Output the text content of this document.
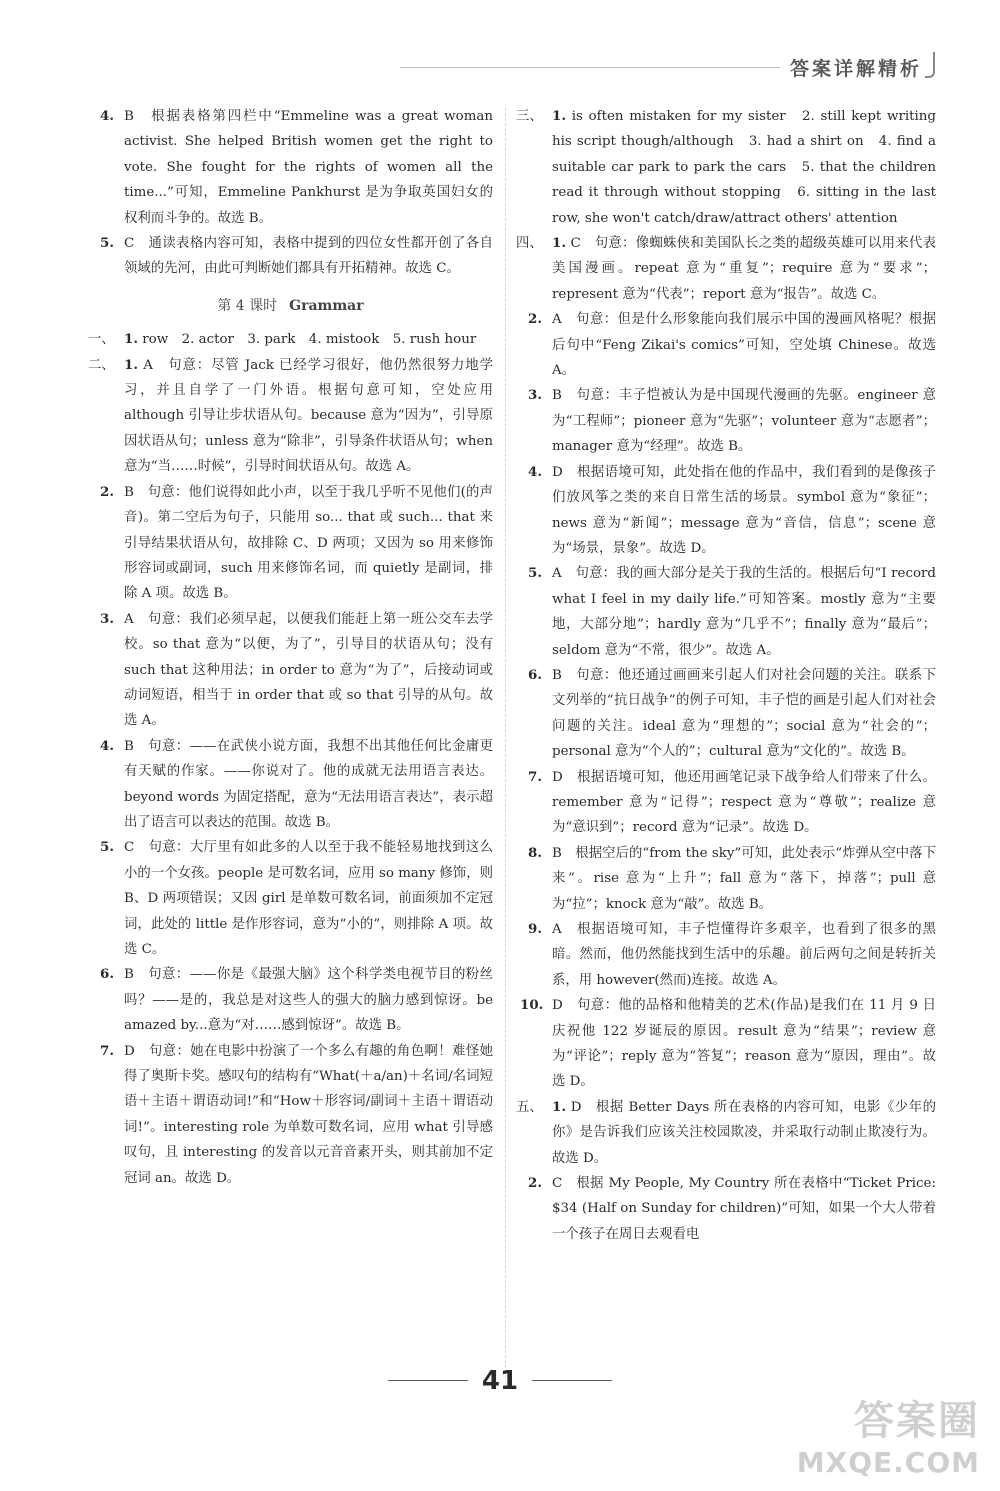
答案详解精析

4. B　根据表格第四栏中“Emmeline was a great woman activist. She helped British women get the right to vote. She fought for the rights of women all the time...”可知，Emmeline Pankhurst 是为争取英国妇女的权利而斗争的。故选 B。

5. C　通读表格内容可知，表格中提到的四位女性都开创了各自领域的先河，由此可判断她们都具有开拓精神。故选 C。

第 4 课时 Grammar

一、 1. row　2. actor　3. park　4. mistook　5. rush hour

二、 1. A　句意：尽管 Jack 已经学习很好，他仍然很努力地学习，并且自学了一门外语。根据句意可知，空处应用 although 引导让步状语从句。because 意为“因为”，引导原因状语从句；unless 意为“除非”，引导条件状语从句；when 意为“当……时候”，引导时间状语从句。故选 A。

2. B　句意：他们说得如此小声，以至于我几乎听不见他们(的声音)。第二空后为句子，只能用 so... that 或 such... that 来引导结果状语从句，故排除 C、D 两项；又因为 so 用来修饰形容词或副词，such 用来修饰名词，而 quietly 是副词，排除 A 项。故选 B。

3. A　句意：我们必须早起，以便我们能赶上第一班公交车去学校。so that 意为“以便，为了”，引导目的状语从句；没有 such that 这种用法；in order to 意为“为了”，后接动词或动词短语，相当于 in order that 或 so that 引导的从句。故选 A。

4. B　句意：——在武侠小说方面，我想不出其他任何比金庸更有天赋的作家。——你说对了。他的成就无法用语言表达。beyond words 为固定搭配，意为“无法用语言表达”，表示超出了语言可以表达的范围。故选 B。

5. C　句意：大厅里有如此多的人以至于我不能轻易地找到这么小的一个女孩。people 是可数名词，应用 so many 修饰，则 B、D 两项错误；又因 girl 是单数可数名词，前面须加不定冠词，此处的 little 是作形容词，意为“小的”，则排除 A 项。故选 C。

6. B　句意：——你是《最强大脑》这个科学类电视节目的粉丝吗？——是的，我总是对这些人的强大的脑力感到惊讶。be amazed by...意为“对……感到惊讶”。故选 B。

7. D　句意：她在电影中扮演了一个多么有趣的角色啊！难怪她得了奥斯卡奖。感叹句的结构有“What(＋a/an)＋名词/名词短语＋主语＋谓语动词!”和“How＋形容词/副词＋主语＋谓语动词!”。interesting role 为单数可数名词，应用 what 引导感叹句，且 interesting 的发音以元音音素开头，则其前加不定冠词 an。故选 D。

三、 1. is often mistaken for my sister　2. still kept writing his script though/although　3. had a shirt on　4. find a suitable car park to park the cars　5. that the children read it through without stopping　6. sitting in the last row, she won't catch/draw/attract others' attention

四、 1. C　句意：像蜘蛛侠和美国队长之类的超级英雄可以用来代表美国漫画。repeat 意为“重复”；require 意为“要求”；represent 意为“代表”；report 意为“报告”。故选 C。

2. A　句意：但是什么形象能向我们展示中国的漫画风格呢？根据后句中“Feng Zikai's comics”可知，空处填 Chinese。故选 A。

3. B　句意：丰子恺被认为是中国现代漫画的先驱。engineer 意为“工程师”；pioneer 意为“先驱”；volunteer 意为“志愿者”；manager 意为“经理”。故选 B。

4. D　根据语境可知，此处指在他的作品中，我们看到的是像孩子们放风筝之类的来自日常生活的场景。symbol 意为“象征”；news 意为“新闻”；message 意为“音信，信息”；scene 意为“场景，景象”。故选 D。

5. A　句意：我的画大部分是关于我的生活的。根据后句“I record what I feel in my daily life.”可知答案。mostly 意为“主要地，大部分地”；hardly 意为“几乎不”；finally 意为“最后”；seldom 意为“不常，很少”。故选 A。

6. B　句意：他还通过画画来引起人们对社会问题的关注。联系下文列举的“抗日战争”的例子可知，丰子恺的画是引起人们对社会问题的关注。ideal 意为“理想的”；social 意为“社会的”；personal 意为“个人的”；cultural 意为“文化的”。故选 B。

7. D　根据语境可知，他还用画笔记录下战争给人们带来了什么。remember 意为“记得”；respect 意为“尊敬”；realize 意为“意识到”；record 意为“记录”。故选 D。

8. B　根据空后的“from the sky”可知，此处表示“炸弹从空中落下来”。rise 意为“上升”；fall 意为“落下，掉落”；pull 意为“拉”；knock 意为“敲”。故选 B。

9. A　根据语境可知，丰子恺懂得许多艰辛，也看到了很多的黑暗。然而，他仍然能找到生活中的乐趣。前后两句之间是转折关系，用 however(然而)连接。故选 A。

10. D　句意：他的品格和他精美的艺术(作品)是我们在 11 月 9 日庆祝他 122 岁诞辰的原因。result 意为“结果”；review 意为“评论”；reply 意为“答复”；reason 意为“原因，理由”。故选 D。

五、 1. D　根据 Better Days 所在表格的内容可知，电影《少年的你》是告诉我们应该关注校园欺凌，并采取行动制止欺凌行为。故选 D。

2. C　根据 My People, My Country 所在表格中“Ticket Price: $34 (Half on Sunday for children)”可知，如果一个大人带着一个孩子在周日去观看电

41
答案圈
MXQE.COM
